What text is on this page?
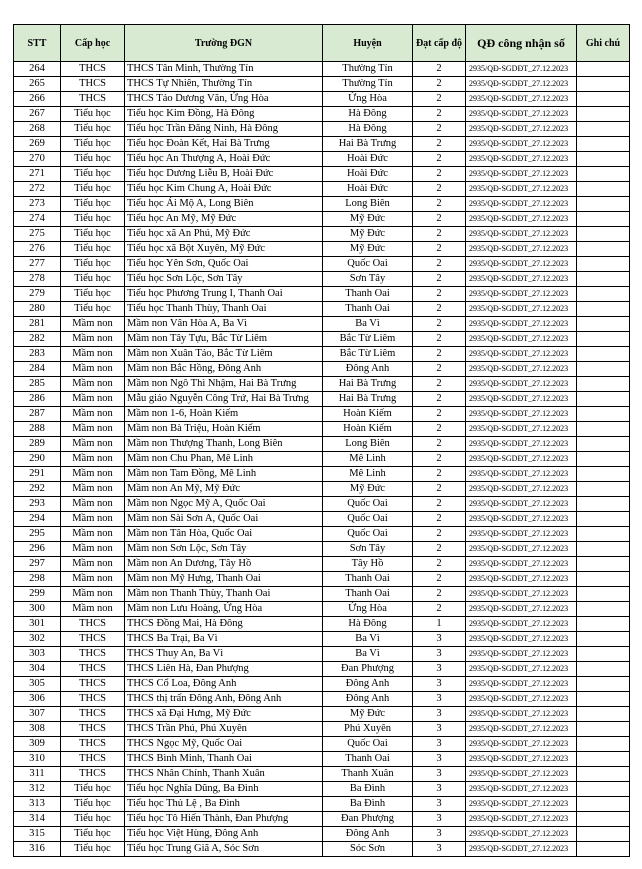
STT	Cấp học	Trường ĐGN	Huyện	Đạt cấp độ	QĐ công nhận số	Ghi chú
264	THCS	THCS Tân Minh, Thường Tín	Thường Tín	2	2935/QĐ-SGDĐT_27.12.2023	
265	THCS	THCS Tự Nhiên, Thường Tín	Thường Tín	2	2935/QĐ-SGDĐT_27.12.2023	
266	THCS	THCS Tảo Dương Văn, Ứng Hòa	Ứng Hòa	2	2935/QĐ-SGDĐT_27.12.2023	
267	Tiểu học	Tiểu học Kim Đồng, Hà Đông	Hà Đông	2	2935/QĐ-SGDĐT_27.12.2023	
268	Tiểu học	Tiểu học Trần Đăng Ninh, Hà Đông	Hà Đông	2	2935/QĐ-SGDĐT_27.12.2023	
269	Tiểu học	Tiểu học Đoàn Kết, Hai Bà Trưng	Hai Bà Trưng	2	2935/QĐ-SGDĐT_27.12.2023	
270	Tiểu học	Tiểu học An Thượng A, Hoài Đức	Hoài Đức	2	2935/QĐ-SGDĐT_27.12.2023	
271	Tiểu học	Tiểu học Dương Liễu B, Hoài Đức	Hoài Đức	2	2935/QĐ-SGDĐT_27.12.2023	
272	Tiểu học	Tiểu học Kim Chung A, Hoài Đức	Hoài Đức	2	2935/QĐ-SGDĐT_27.12.2023	
273	Tiểu học	Tiểu học Ái Mộ A, Long Biên	Long Biên	2	2935/QĐ-SGDĐT_27.12.2023	
274	Tiểu học	Tiểu học An Mỹ, Mỹ Đức	Mỹ Đức	2	2935/QĐ-SGDĐT_27.12.2023	
275	Tiểu học	Tiểu học xã An Phú, Mỹ Đức	Mỹ Đức	2	2935/QĐ-SGDĐT_27.12.2023	
276	Tiểu học	Tiểu học xã Bột Xuyên, Mỹ Đức	Mỹ Đức	2	2935/QĐ-SGDĐT_27.12.2023	
277	Tiểu học	Tiểu học Yên Sơn, Quốc Oai	Quốc Oai	2	2935/QĐ-SGDĐT_27.12.2023	
278	Tiểu học	Tiểu học Sơn Lộc, Sơn Tây	Sơn Tây	2	2935/QĐ-SGDĐT_27.12.2023	
279	Tiểu học	Tiểu học Phương Trung I, Thanh Oai	Thanh Oai	2	2935/QĐ-SGDĐT_27.12.2023	
280	Tiểu học	Tiểu học Thanh Thùy, Thanh Oai	Thanh Oai	2	2935/QĐ-SGDĐT_27.12.2023	
281	Mầm non	Mầm non Vân Hòa A, Ba Vì	Ba Vì	2	2935/QĐ-SGDĐT_27.12.2023	
282	Mầm non	Mầm non Tây Tựu, Bắc Từ Liêm	Bắc Từ Liêm	2	2935/QĐ-SGDĐT_27.12.2023	
283	Mầm non	Mầm non Xuân Tảo, Bắc Từ Liêm	Bắc Từ Liêm	2	2935/QĐ-SGDĐT_27.12.2023	
284	Mầm non	Mầm non Bắc Hồng, Đông Anh	Đông Anh	2	2935/QĐ-SGDĐT_27.12.2023	
285	Mầm non	Mầm non Ngô Thì Nhậm, Hai Bà Trưng	Hai Bà Trưng	2	2935/QĐ-SGDĐT_27.12.2023	
286	Mầm non	Mẫu giáo Nguyễn Công Trứ, Hai Bà Trưng	Hai Bà Trưng	2	2935/QĐ-SGDĐT_27.12.2023	
287	Mầm non	Mầm non 1-6, Hoàn Kiếm	Hoàn Kiếm	2	2935/QĐ-SGDĐT_27.12.2023	
288	Mầm non	Mầm non Bà Triệu, Hoàn Kiếm	Hoàn Kiếm	2	2935/QĐ-SGDĐT_27.12.2023	
289	Mầm non	Mầm non Thượng Thanh, Long Biên	Long Biên	2	2935/QĐ-SGDĐT_27.12.2023	
290	Mầm non	Mầm non Chu Phan, Mê Linh	Mê Linh	2	2935/QĐ-SGDĐT_27.12.2023	
291	Mầm non	Mầm non Tam Đồng, Mê Linh	Mê Linh	2	2935/QĐ-SGDĐT_27.12.2023	
292	Mầm non	Mầm non An Mỹ, Mỹ Đức	Mỹ Đức	2	2935/QĐ-SGDĐT_27.12.2023	
293	Mầm non	Mầm non Ngọc Mỹ A, Quốc Oai	Quốc Oai	2	2935/QĐ-SGDĐT_27.12.2023	
294	Mầm non	Mầm non Sài Sơn A, Quốc Oai	Quốc Oai	2	2935/QĐ-SGDĐT_27.12.2023	
295	Mầm non	Mầm non Tân Hòa, Quốc Oai	Quốc Oai	2	2935/QĐ-SGDĐT_27.12.2023	
296	Mầm non	Mầm non Sơn Lộc, Sơn Tây	Sơn Tây	2	2935/QĐ-SGDĐT_27.12.2023	
297	Mầm non	Mầm non An Dương, Tây Hồ	Tây Hồ	2	2935/QĐ-SGDĐT_27.12.2023	
298	Mầm non	Mầm non Mỹ Hưng, Thanh Oai	Thanh Oai	2	2935/QĐ-SGDĐT_27.12.2023	
299	Mầm non	Mầm non Thanh Thùy, Thanh Oai	Thanh Oai	2	2935/QĐ-SGDĐT_27.12.2023	
300	Mầm non	Mầm non Lưu Hoàng, Ứng Hòa	Ứng Hòa	2	2935/QĐ-SGDĐT_27.12.2023	
301	THCS	THCS Đồng Mai, Hà Đông	Hà Đông	1	2935/QĐ-SGDĐT_27.12.2023	
302	THCS	THCS Ba Trại, Ba Vì	Ba Vì	3	2935/QĐ-SGDĐT_27.12.2023	
303	THCS	THCS Thuy An, Ba Vì	Ba Vì	3	2935/QĐ-SGDĐT_27.12.2023	
304	THCS	THCS Liên Hà, Đan Phượng	Đan Phượng	3	2935/QĐ-SGDĐT_27.12.2023	
305	THCS	THCS Cổ Loa, Đông Anh	Đông Anh	3	2935/QĐ-SGDĐT_27.12.2023	
306	THCS	THCS thị trấn Đông Anh, Đông Anh	Đông Anh	3	2935/QĐ-SGDĐT_27.12.2023	
307	THCS	THCS xã Đại Hưng, Mỹ Đức	Mỹ Đức	3	2935/QĐ-SGDĐT_27.12.2023	
308	THCS	THCS Trần Phú, Phú Xuyên	Phú Xuyên	3	2935/QĐ-SGDĐT_27.12.2023	
309	THCS	THCS Ngọc Mỹ, Quốc Oai	Quốc Oai	3	2935/QĐ-SGDĐT_27.12.2023	
310	THCS	THCS Bình Minh, Thanh Oai	Thanh Oai	3	2935/QĐ-SGDĐT_27.12.2023	
311	THCS	THCS Nhân Chính, Thanh Xuân	Thanh Xuân	3	2935/QĐ-SGDĐT_27.12.2023	
312	Tiểu học	Tiểu học Nghĩa Dũng, Ba Đình	Ba Đình	3	2935/QĐ-SGDĐT_27.12.2023	
313	Tiểu học	Tiểu học Thủ Lệ , Ba Đình	Ba Đình	3	2935/QĐ-SGDĐT_27.12.2023	
314	Tiểu học	Tiểu học Tô Hiến Thành, Đan Phượng	Đan Phượng	3	2935/QĐ-SGDĐT_27.12.2023	
315	Tiểu học	Tiểu học Việt Hùng, Đông Anh	Đông Anh	3	2935/QĐ-SGDĐT_27.12.2023	
316	Tiểu học	Tiểu học Trung Giã A, Sóc Sơn	Sóc Sơn	3	2935/QĐ-SGDĐT_27.12.2023	
